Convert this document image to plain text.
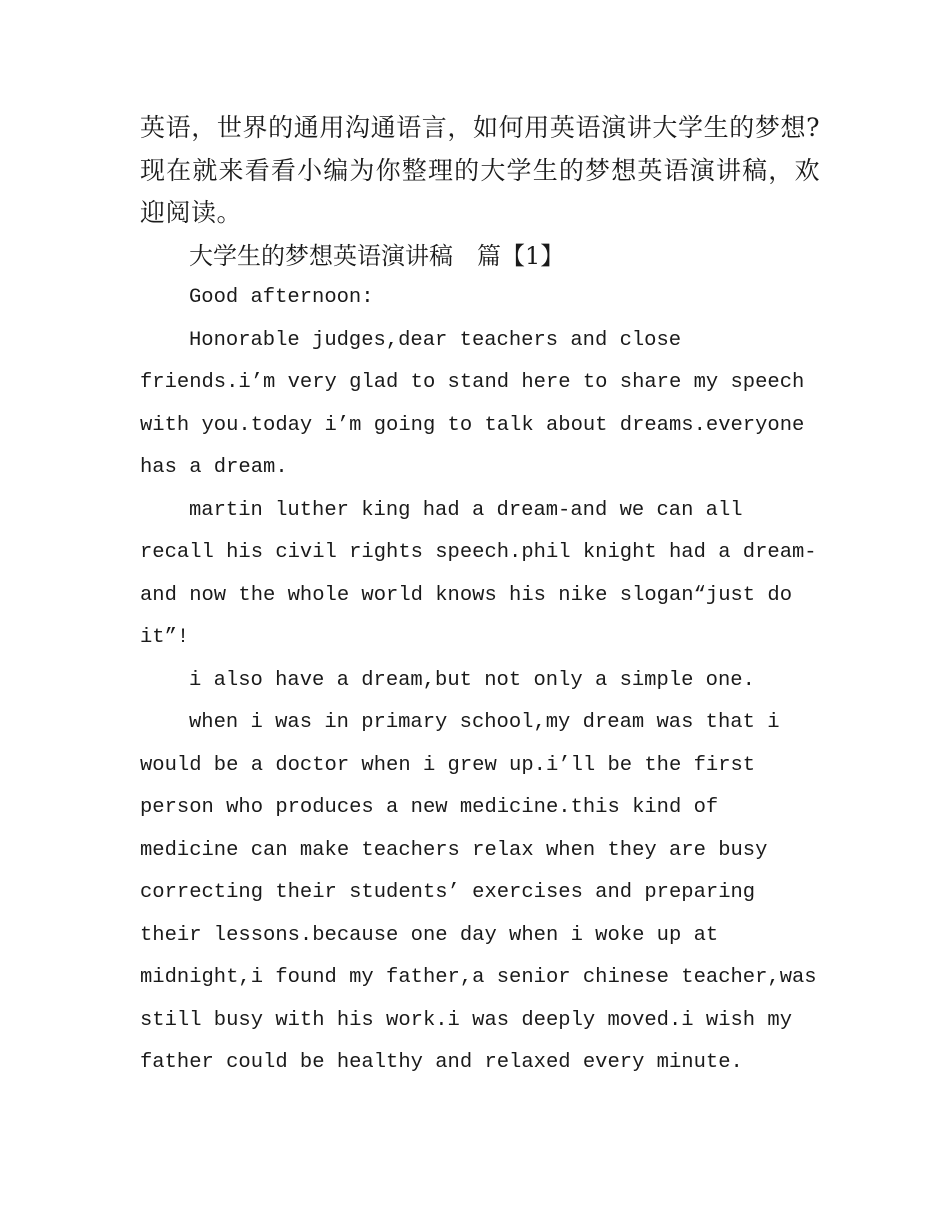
英语，世界的通用沟通语言，如何用英语演讲大学生的梦想?现在就来看看小编为你整理的大学生的梦想英语演讲稿，欢迎阅读。

大学生的梦想英语演讲稿　篇【1】

Good afternoon:

Honorable judges,dear teachers and close friends.i’m very glad to stand here to share my speech with you.today i’m going to talk about dreams.everyone has a dream.

martin luther king had a dream-and we can all recall his civil rights speech.phil knight had a dream-and now the whole world knows his nike slogan“just do it”!

i also have a dream,but not only a simple one.

when i was in primary school,my dream was that i would be a doctor when i grew up.i’ll be the first person who produces a new medicine.this kind of medicine can make teachers relax when they are busy correcting their students’ exercises and preparing their lessons.because one day when i woke up at midnight,i found my father,a senior chinese teacher,was still busy with his work.i was deeply moved.i wish my father could be healthy and relaxed every minute.
